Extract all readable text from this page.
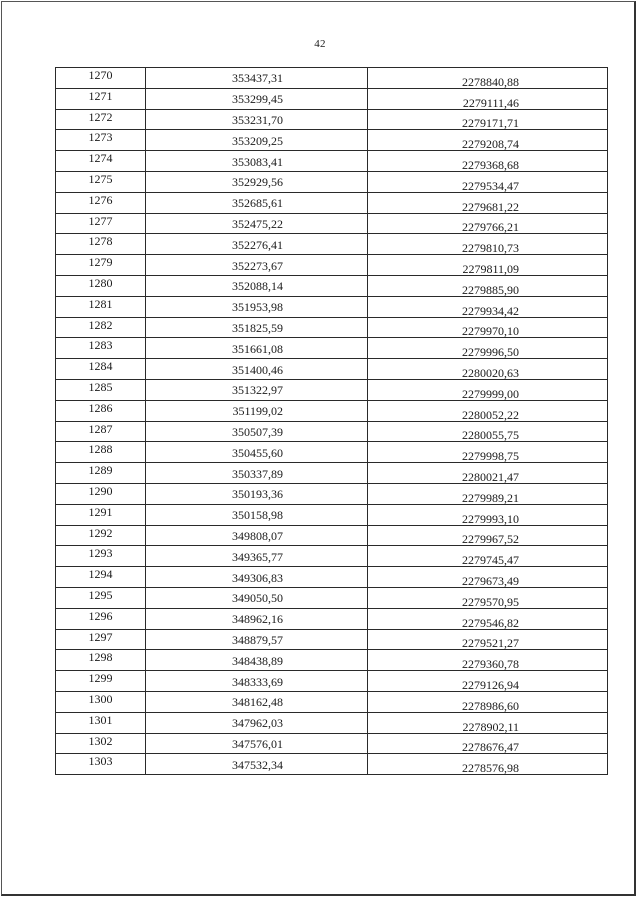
42
1270	353437,31	2278840,88
1271	353299,45	2279111,46
1272	353231,70	2279171,71
1273	353209,25	2279208,74
1274	353083,41	2279368,68
1275	352929,56	2279534,47
1276	352685,61	2279681,22
1277	352475,22	2279766,21
1278	352276,41	2279810,73
1279	352273,67	2279811,09
1280	352088,14	2279885,90
1281	351953,98	2279934,42
1282	351825,59	2279970,10
1283	351661,08	2279996,50
1284	351400,46	2280020,63
1285	351322,97	2279999,00
1286	351199,02	2280052,22
1287	350507,39	2280055,75
1288	350455,60	2279998,75
1289	350337,89	2280021,47
1290	350193,36	2279989,21
1291	350158,98	2279993,10
1292	349808,07	2279967,52
1293	349365,77	2279745,47
1294	349306,83	2279673,49
1295	349050,50	2279570,95
1296	348962,16	2279546,82
1297	348879,57	2279521,27
1298	348438,89	2279360,78
1299	348333,69	2279126,94
1300	348162,48	2278986,60
1301	347962,03	2278902,11
1302	347576,01	2278676,47
1303	347532,34	2278576,98
